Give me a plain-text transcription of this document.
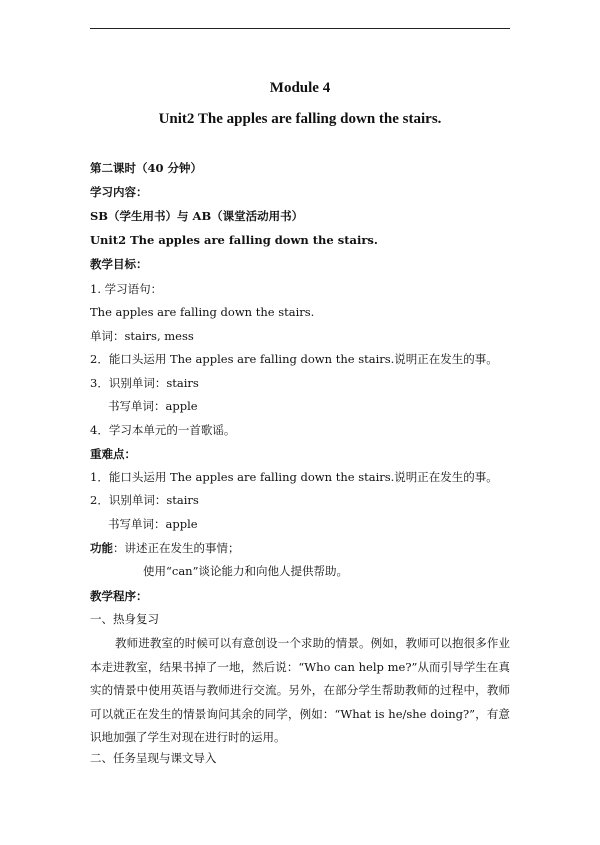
Module 4
Unit2 The apples are falling down the stairs.
第二课时（40 分钟）
学习内容：
SB（学生用书）与 AB（课堂活动用书）
Unit2 The apples are falling down the stairs.
教学目标：
1. 学习语句：
The apples are falling down the stairs.
单词：stairs, mess
2．能口头运用 The apples are falling down the stairs.说明正在发生的事。
3．识别单词：stairs
书写单词：apple
4．学习本单元的一首歌谣。
重难点：
1．能口头运用 The apples are falling down the stairs.说明正在发生的事。
2．识别单词：stairs
书写单词：apple
功能：讲述正在发生的事情；
使用“can”谈论能力和向他人提供帮助。
教学程序：
一、热身复习
教师进教室的时候可以有意创设一个求助的情景。例如，教师可以抱很多作业本走进教室，结果书掉了一地，然后说：“Who can help me?”从而引导学生在真实的情景中使用英语与教师进行交流。另外，在部分学生帮助教师的过程中，教师可以就正在发生的情景询问其余的同学，例如：“What is he/she doing?”，有意识地加强了学生对现在进行时的运用。
二、任务呈现与课文导入
